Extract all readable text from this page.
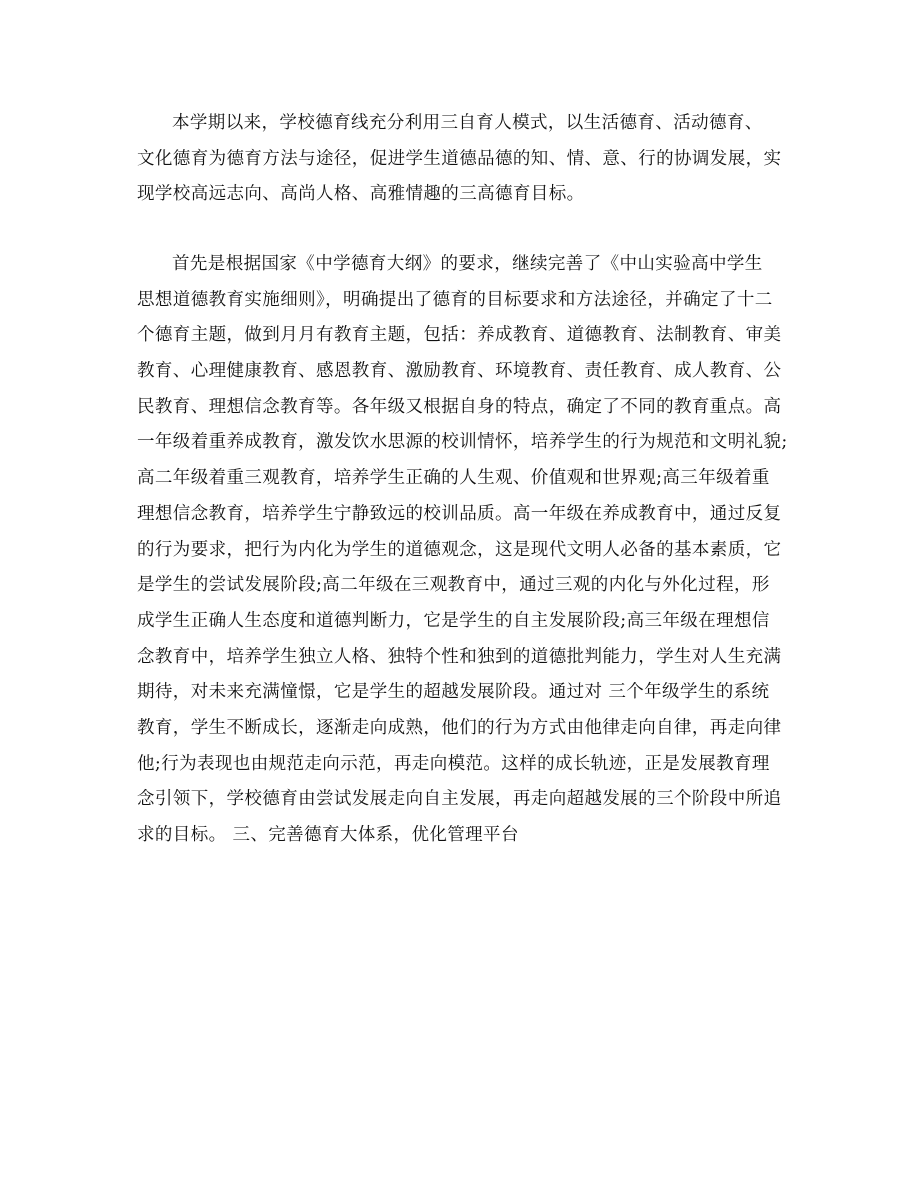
本学期以来，学校德育线充分利用三自育人模式，以生活德育、活动德育、
文化德育为德育方法与途径，促进学生道德品德的知、情、意、行的协调发展，实
现学校高远志向、高尚人格、高雅情趣的三高德育目标。
首先是根据国家《中学德育大纲》的要求，继续完善了《中山实验高中学生
思想道德教育实施细则》，明确提出了德育的目标要求和方法途径，并确定了十二
个德育主题，做到月月有教育主题，包括：养成教育、道德教育、法制教育、审美
教育、心理健康教育、感恩教育、激励教育、环境教育、责任教育、成人教育、公
民教育、理想信念教育等。各年级又根据自身的特点，确定了不同的教育重点。高
一年级着重养成教育，激发饮水思源的校训情怀，培养学生的行为规范和文明礼貌;
高二年级着重三观教育，培养学生正确的人生观、价值观和世界观;高三年级着重
理想信念教育，培养学生宁静致远的校训品质。高一年级在养成教育中，通过反复
的行为要求，把行为内化为学生的道德观念，这是现代文明人必备的基本素质，它
是学生的尝试发展阶段;高二年级在三观教育中，通过三观的内化与外化过程，形
成学生正确人生态度和道德判断力，它是学生的自主发展阶段;高三年级在理想信
念教育中，培养学生独立人格、独特个性和独到的道德批判能力，学生对人生充满
期待，对未来充满憧憬，它是学生的超越发展阶段。通过对 三个年级学生的系统
教育，学生不断成长，逐渐走向成熟，他们的行为方式由他律走向自律，再走向律
他;行为表现也由规范走向示范，再走向模范。这样的成长轨迹，正是发展教育理
念引领下，学校德育由尝试发展走向自主发展，再走向超越发展的三个阶段中所追
求的目标。 三、完善德育大体系，优化管理平台
